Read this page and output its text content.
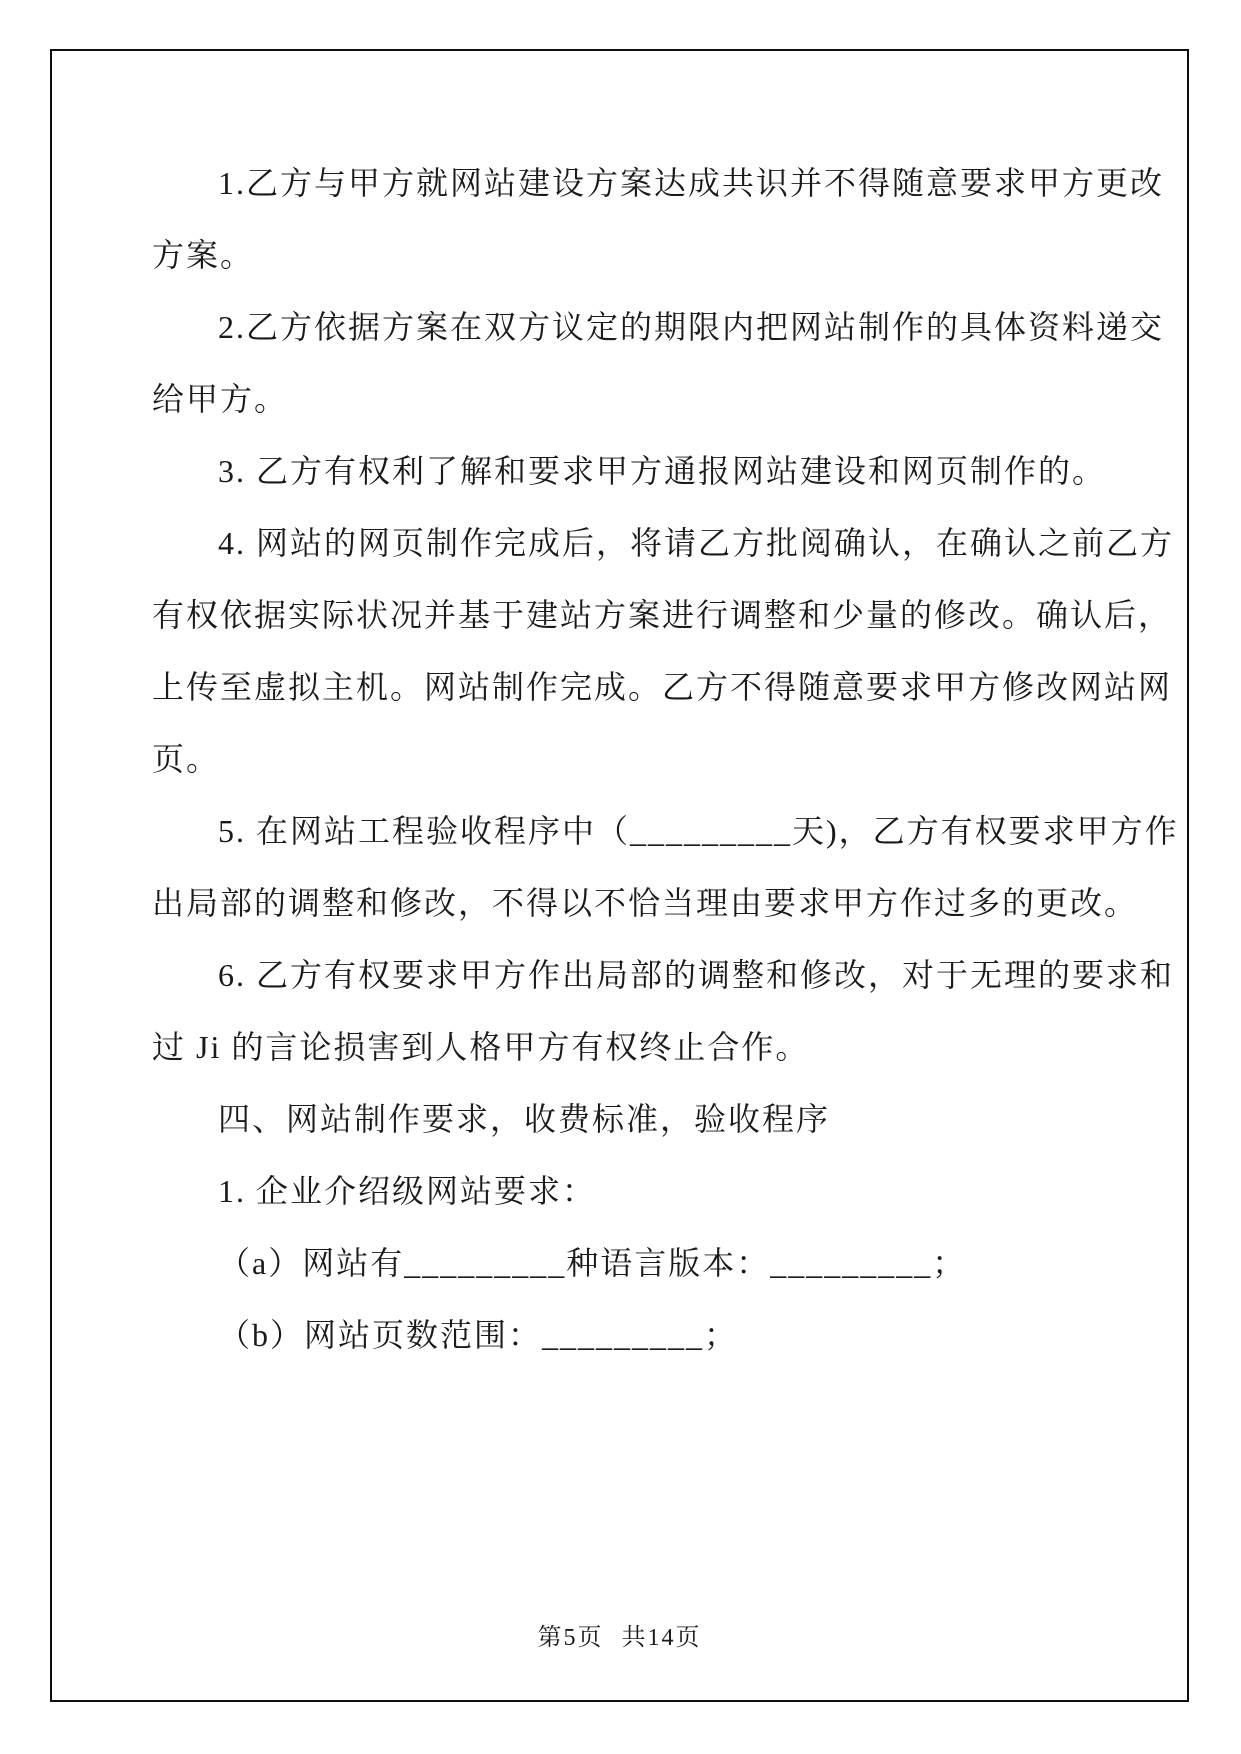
1.乙方与甲方就网站建设方案达成共识并不得随意要求甲方更改
方案。
2.乙方依据方案在双方议定的期限内把网站制作的具体资料递交
给甲方。
3. 乙方有权利了解和要求甲方通报网站建设和网页制作的。
4. 网站的网页制作完成后，将请乙方批阅确认，在确认之前乙方
有权依据实际状况并基于建站方案进行调整和少量的修改。确认后，
上传至虚拟主机。网站制作完成。乙方不得随意要求甲方修改网站网
页。
5. 在网站工程验收程序中（_________天)，乙方有权要求甲方作
出局部的调整和修改，不得以不恰当理由要求甲方作过多的更改。
6. 乙方有权要求甲方作出局部的调整和修改，对于无理的要求和
过 Ji 的言论损害到人格甲方有权终止合作。
四、网站制作要求，收费标准，验收程序
1. 企业介绍级网站要求：
（a）网站有_________种语言版本：_________；
（b）网站页数范围：_________；
第5页 共14页
